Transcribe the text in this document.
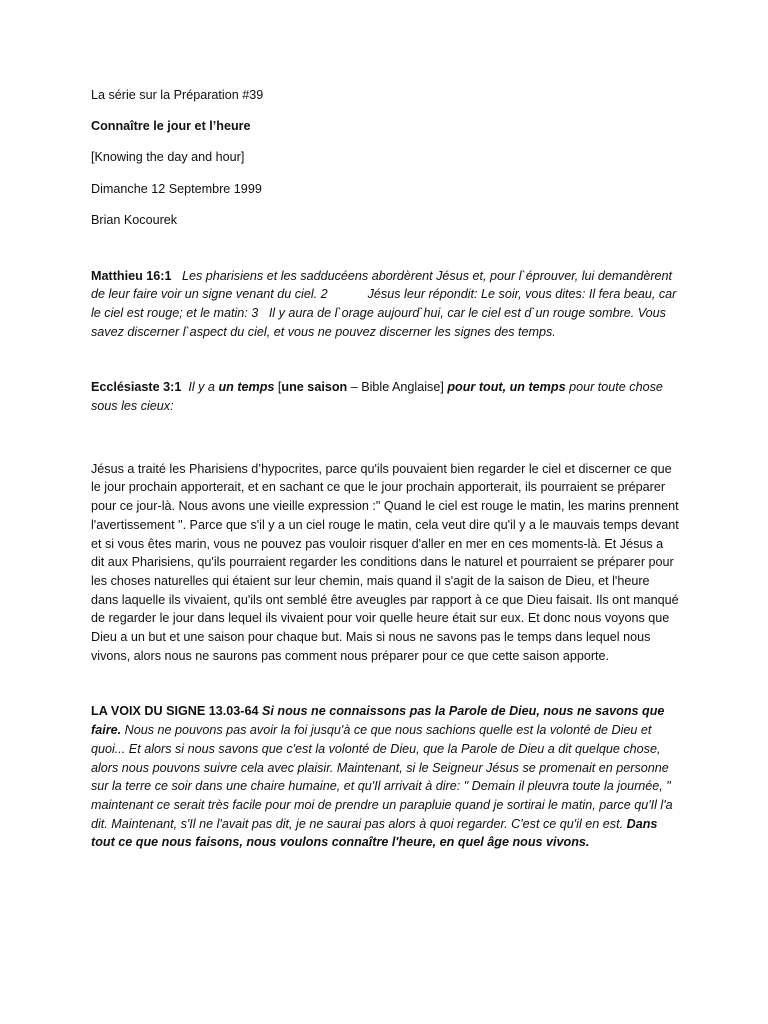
La série sur la Préparation #39
Connaître le jour et l’heure
[Knowing the day and hour]
Dimanche 12 Septembre 1999
Brian Kocourek

Matthieu 16:1 Les pharisiens et les sadducéens abordèrent Jésus et, pour l`éprouver, lui demandèrent de leur faire voir un signe venant du ciel. 2	Jésus leur répondit: Le soir, vous dites: Il fera beau, car le ciel est rouge; et le matin: 3 Il y aura de l`orage aujourd`hui, car le ciel est d`un rouge sombre. Vous savez discerner l`aspect du ciel, et vous ne pouvez discerner les signes des temps.

Ecclésiaste 3:1 Il y a un temps [une saison – Bible Anglaise] pour tout, un temps pour toute chose sous les cieux:

Jésus a traité les Pharisiens d’hypocrites, parce qu'ils pouvaient bien regarder le ciel et discerner ce que le jour prochain apporterait, et en sachant ce que le jour prochain apporterait, ils pourraient se préparer pour ce jour-là. Nous avons une vieille expression :" Quand le ciel est rouge le matin, les marins prennent l'avertissement ". Parce que s'il y a un ciel rouge le matin, cela veut dire qu'il y a le mauvais temps devant et si vous êtes marin, vous ne pouvez pas vouloir risquer d'aller en mer en ces moments-là. Et Jésus a dit aux Pharisiens, qu'ils pourraient regarder les conditions dans le naturel et pourraient se préparer pour les choses naturelles qui étaient sur leur chemin, mais quand il s'agit de la saison de Dieu, et l'heure dans laquelle ils vivaient, qu'ils ont semblé être aveugles par rapport à ce que Dieu faisait. Ils ont manqué de regarder le jour dans lequel ils vivaient pour voir quelle heure était sur eux. Et donc nous voyons que Dieu a un but et une saison pour chaque but. Mais si nous ne savons pas le temps dans lequel nous vivons, alors nous ne saurons pas comment nous préparer pour ce que cette saison apporte.

LA VOIX DU SIGNE 13.03-64 Si nous ne connaissons pas la Parole de Dieu, nous ne savons que faire. Nous ne pouvons pas avoir la foi jusqu'à ce que nous sachions quelle est la volonté de Dieu et quoi... Et alors si nous savons que c'est la volonté de Dieu, que la Parole de Dieu a dit quelque chose, alors nous pouvons suivre cela avec plaisir. Maintenant, si le Seigneur Jésus se promenait en personne sur la terre ce soir dans une chaire humaine, et qu'Il arrivait à dire: " Demain il pleuvra toute la journée, " maintenant ce serait très facile pour moi de prendre un parapluie quand je sortirai le matin, parce qu'Il l'a dit. Maintenant, s'Il ne l'avait pas dit, je ne saurai pas alors à quoi regarder. C'est ce qu'il en est. Dans tout ce que nous faisons, nous voulons connaître l'heure, en quel âge nous vivons.
